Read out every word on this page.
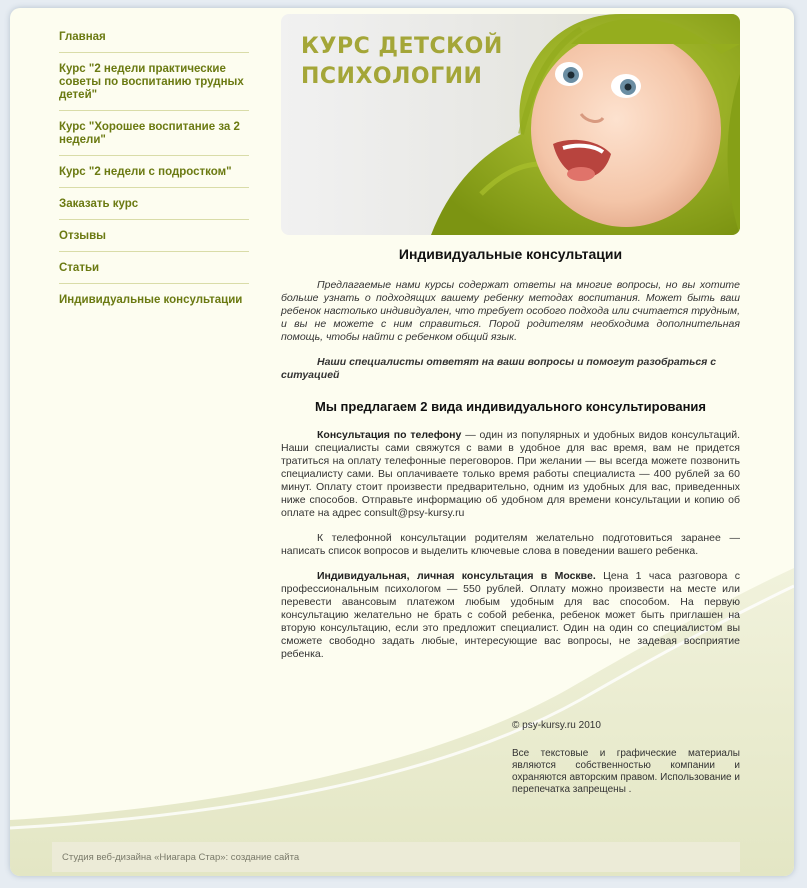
Главная
Курс "2 недели практические советы по воспитанию трудных детей"
Курс "Хорошее воспитание за 2 недели"
Курс "2 недели с подростком"
Заказать курс
Отзывы
Статьи
Индивидуальные консультации
КУРС ДЕТСКОЙ
ПСИХОЛОГИИ
Индивидуальные консультации

Предлагаемые нами курсы содержат ответы на многие вопросы, но вы хотите больше узнать о подходящих вашему ребенку методах воспитания. Может быть ваш ребенок настолько индивидуален, что требует особого подхода или считается трудным, и вы не можете с ним справиться. Порой родителям необходима дополнительная помощь, чтобы найти с ребенком общий язык.

Наши специалисты ответят на ваши вопросы и помогут разобраться с ситуацией

Мы предлагаем 2 вида индивидуального консультирования

Консультация по телефону — один из популярных и удобных видов консультаций. Наши специалисты сами свяжутся с вами в удобное для вас время, вам не придется тратиться на оплату телефонные переговоров. При желании — вы всегда можете позвонить специалисту сами. Вы оплачиваете только время работы специалиста — 400 рублей за 60 минут. Оплату стоит произвести предварительно, одним из удобных для вас, приведенных ниже способов. Отправьте информацию об удобном для времени консультации и копию об оплате на адрес consult@psy-kursy.ru

К телефонной консультации родителям желательно подготовиться заранее — написать список вопросов и выделить ключевые слова в поведении вашего ребенка.

Индивидуальная, личная консультация в Москве. Цена 1 часа разговора с профессиональным психологом — 550 рублей. Оплату можно произвести на месте или перевести авансовым платежом любым удобным для вас способом. На первую консультацию желательно не брать с собой ребенка, ребенок может быть приглашен на вторую консультацию, если это предложит специалист. Один на один со специалистом вы сможете свободно задать любые, интересующие вас вопросы, не задевая восприятие ребенка.

© psy-kursy.ru 2010
Все текстовые и графические материалы являются собственностью компании и охраняются авторским правом. Использование и перепечатка запрещены .
Студия веб-дизайна «Ниагара Стар»: создание сайта
